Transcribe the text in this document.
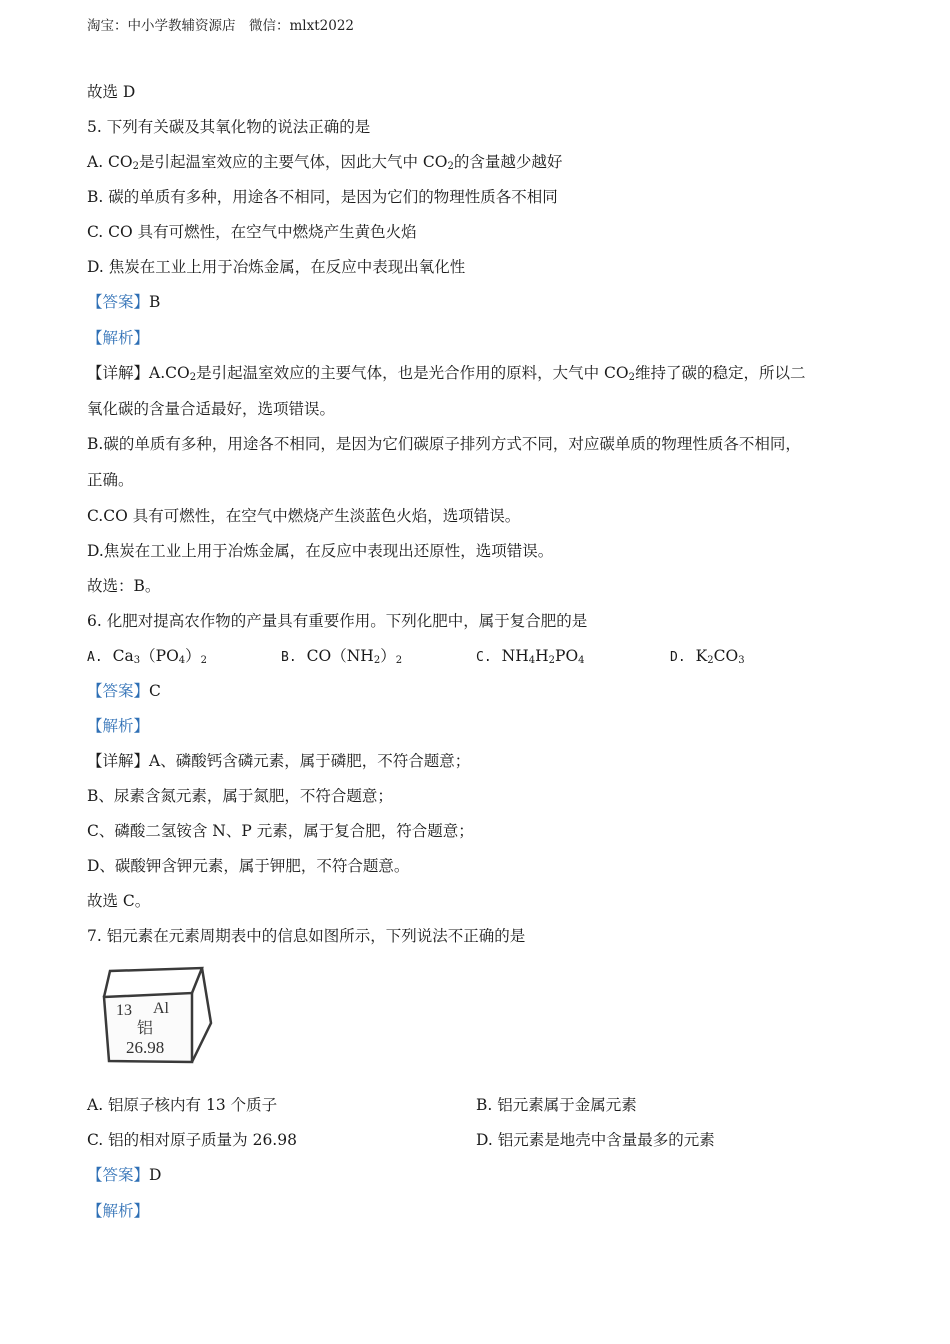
淘宝：中小学教辅资源店　微信：mlxt2022
故选 D
5. 下列有关碳及其氧化物的说法正确的是
A. $CO_2$是引起温室效应的主要气体，因此大气中 $CO_2$的含量越少越好
B. 碳的单质有多种，用途各不相同，是因为它们的物理性质各不相同
C. CO 具有可燃性，在空气中燃烧产生黄色火焰
D. 焦炭在工业上用于冶炼金属，在反应中表现出氧化性
【答案】B
【解析】
【详解】$A.CO_2$是引起温室效应的主要气体，也是光合作用的原料，大气中 $CO_2$维持了碳的稳定，所以二
氧化碳的含量合适最好，选项错误。
B.碳的单质有多种，用途各不相同，是因为它们碳原子排列方式不同，对应碳单质的物理性质各不相同，
正确。
C.CO 具有可燃性，在空气中燃烧产生淡蓝色火焰，选项错误。
D.焦炭在工业上用于冶炼金属，在反应中表现出还原性，选项错误。
故选：B。
6. 化肥对提高农作物的产量具有重要作用。下列化肥中，属于复合肥的是
A. $Ca_3(PO_4)_2$	B. $CO(NH_2)_2$	C. $NH_4H_2PO_4$	D. $K_2CO_3$
【答案】C
【解析】
【详解】A、磷酸钙含磷元素，属于磷肥，不符合题意；
B、尿素含氮元素，属于氮肥，不符合题意；
C、磷酸二氢铵含 N、P 元素，属于复合肥，符合题意；
D、碳酸钾含钾元素，属于钾肥，不符合题意。
故选 C。
7. 铝元素在元素周期表中的信息如图所示，下列说法不正确的是
13 Al
铝
26.98
A. 铝原子核内有 13 个质子	B. 铝元素属于金属元素
C. 铝的相对原子质量为 26.98	D. 铝元素是地壳中含量最多的元素
【答案】D
【解析】
